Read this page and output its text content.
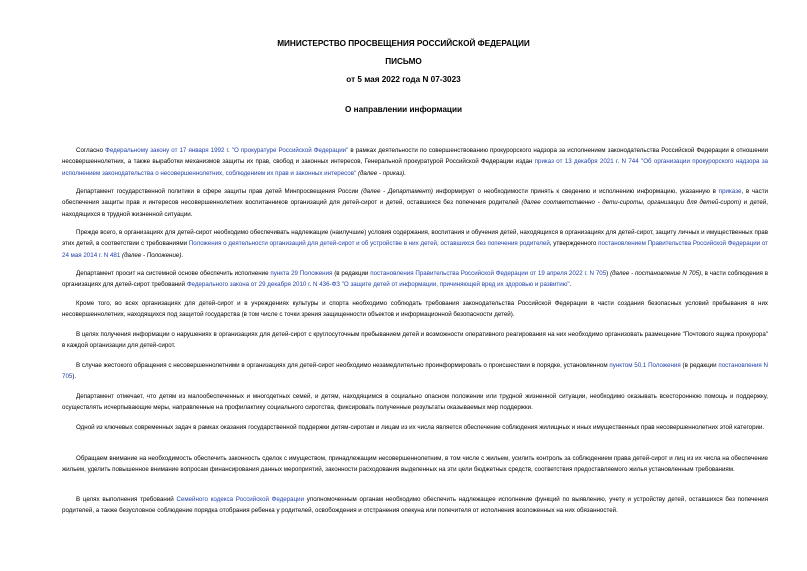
МИНИСТЕРСТВО ПРОСВЕЩЕНИЯ РОССИЙСКОЙ ФЕДЕРАЦИИ
ПИСЬМО
от 5 мая 2022 года N 07-3023
О направлении информации

Согласно Федеральному закону от 17 января 1992 г. "О прокуратуре Российской Федерации" в рамках деятельности по совершенствованию прокурорского надзора за исполнением законодательства Российской Федерации в отношении несовершеннолетних, а также выработки механизмов защиты их прав, свобод и законных интересов, Генеральной прокуратурой Российской Федерации издан приказ от 13 декабря 2021 г. N 744 "Об организации прокурорского надзора за исполнением законодательства о несовершеннолетних, соблюдением их прав и законных интересов" (далее - приказ).

Департамент государственной политики в сфере защиты прав детей Минпросвещения России (далее - Департамент) информирует о необходимости принять к сведению и исполнению информацию, указанную в приказе, в части обеспечения защиты прав и интересов несовершеннолетних воспитанников организаций для детей-сирот и детей, оставшихся без попечения родителей (далее соответственно - дети-сироты, организации для детей-сирот) и детей, находящихся в трудной жизненной ситуации.

Прежде всего, в организациях для детей-сирот необходимо обеспечивать надлежащие (наилучшие) условия содержания, воспитания и обучения детей, находящихся в организациях для детей-сирот, защиту личных и имущественных прав этих детей, в соответствии с требованиями Положения о деятельности организаций для детей-сирот и об устройстве в них детей, оставшихся без попечения родителей, утвержденного постановлением Правительства Российской Федерации от 24 мая 2014 г. N 481 (далее - Положение).

Департамент просит на системной основе обеспечить исполнение пункта 29 Положения (в редакции постановления Правительства Российской Федерации от 19 апреля 2022 г. N 705) (далее - постановление N 705), в части соблюдения в организациях для детей-сирот требований Федерального закона от 29 декабря 2010 г. N 436-ФЗ "О защите детей от информации, причиняющей вред их здоровью и развитию".

Кроме того, во всех организациях для детей-сирот и в учреждениях культуры и спорта необходимо соблюдать требования законодательства Российской Федерации в части создания безопасных условий пребывания в них несовершеннолетних, находящихся под защитой государства (в том числе с точки зрения защищенности объектов и информационной безопасности детей).

В целях получения информации о нарушениях в организациях для детей-сирот с круглосуточным пребыванием детей и возможности оперативного реагирования на них необходимо организовать размещение "Почтового ящика прокурора" в каждой организации для детей-сирот.

В случае жестокого обращения с несовершеннолетними в организациях для детей-сирот необходимо незамедлительно проинформировать о происшествии в порядке, установленном пунктом 50.1 Положения (в редакции постановления N 705).

Департамент отмечает, что детям из малообеспеченных и многодетных семей, и детям, находящимся в социально опасном положении или трудной жизненной ситуации, необходимо оказывать всестороннюю помощь и поддержку, осуществлять исчерпывающие меры, направленные на профилактику социального сиротства, фиксировать полученные результаты оказываемых мер поддержки.

Одной из ключевых современных задач в рамках оказания государственной поддержки детям-сиротам и лицам из их числа является обеспечение соблюдения жилищных и иных имущественных прав несовершеннолетних этой категории.

Обращаем внимание на необходимость обеспечить законность сделок с имуществом, принадлежащим несовершеннолетним, в том числе с жильем, усилить контроль за соблюдением права детей-сирот и лиц из их числа на обеспечение жильем, уделить повышенное внимание вопросам финансирования данных мероприятий, законности расходования выделенных на эти цели бюджетных средств, соответствия предоставляемого жилья установленным требованиям.

В целях выполнения требований Семейного кодекса Российской Федерации уполномоченным органам необходимо обеспечить надлежащее исполнение функций по выявлению, учету и устройству детей, оставшихся без попечения родителей, а также безусловное соблюдение порядка отобрания ребенка у родителей, освобождения и отстранения опекуна или попечителя от исполнения возложенных на них обязанностей.
